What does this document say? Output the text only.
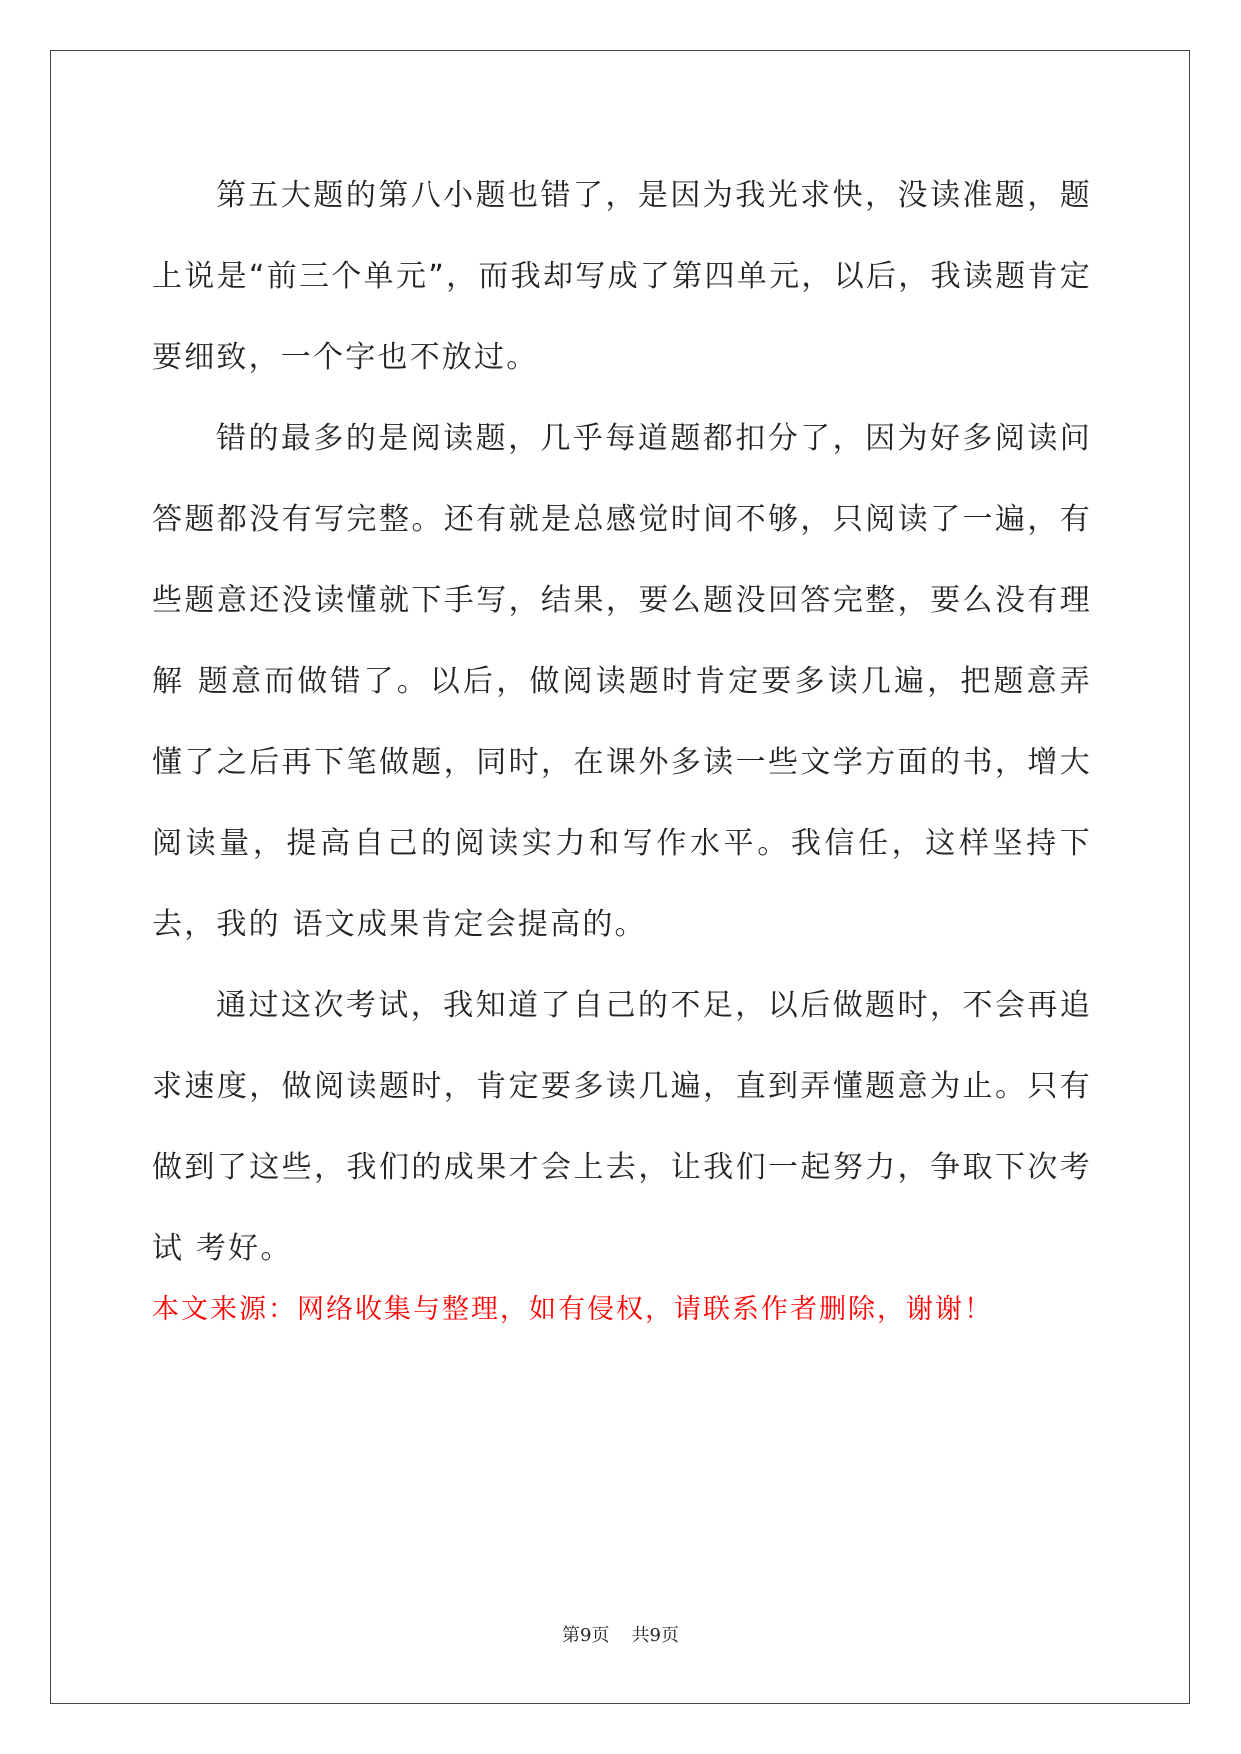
第五大题的第八小题也错了，是因为我光求快，没读准题，题上说是“前三个单元”，而我却写成了第四单元，以后，我读题肯定要细致，一个字也不放过。

错的最多的是阅读题，几乎每道题都扣分了，因为好多阅读问答题都没有写完整。还有就是总感觉时间不够，只阅读了一遍，有些题意还没读懂就下手写，结果，要么题没回答完整，要么没有理解 题意而做错了。以后，做阅读题时肯定要多读几遍，把题意弄懂了之后再下笔做题，同时，在课外多读一些文学方面的书，增大阅读量，提高自己的阅读实力和写作水平。我信任，这样坚持下去，我的 语文成果肯定会提高的。

通过这次考试，我知道了自己的不足，以后做题时，不会再追求速度，做阅读题时，肯定要多读几遍，直到弄懂题意为止。只有做到了这些，我们的成果才会上去，让我们一起努力，争取下次考试 考好。

本文来源：网络收集与整理，如有侵权，请联系作者删除，谢谢！

第9页 共9页
